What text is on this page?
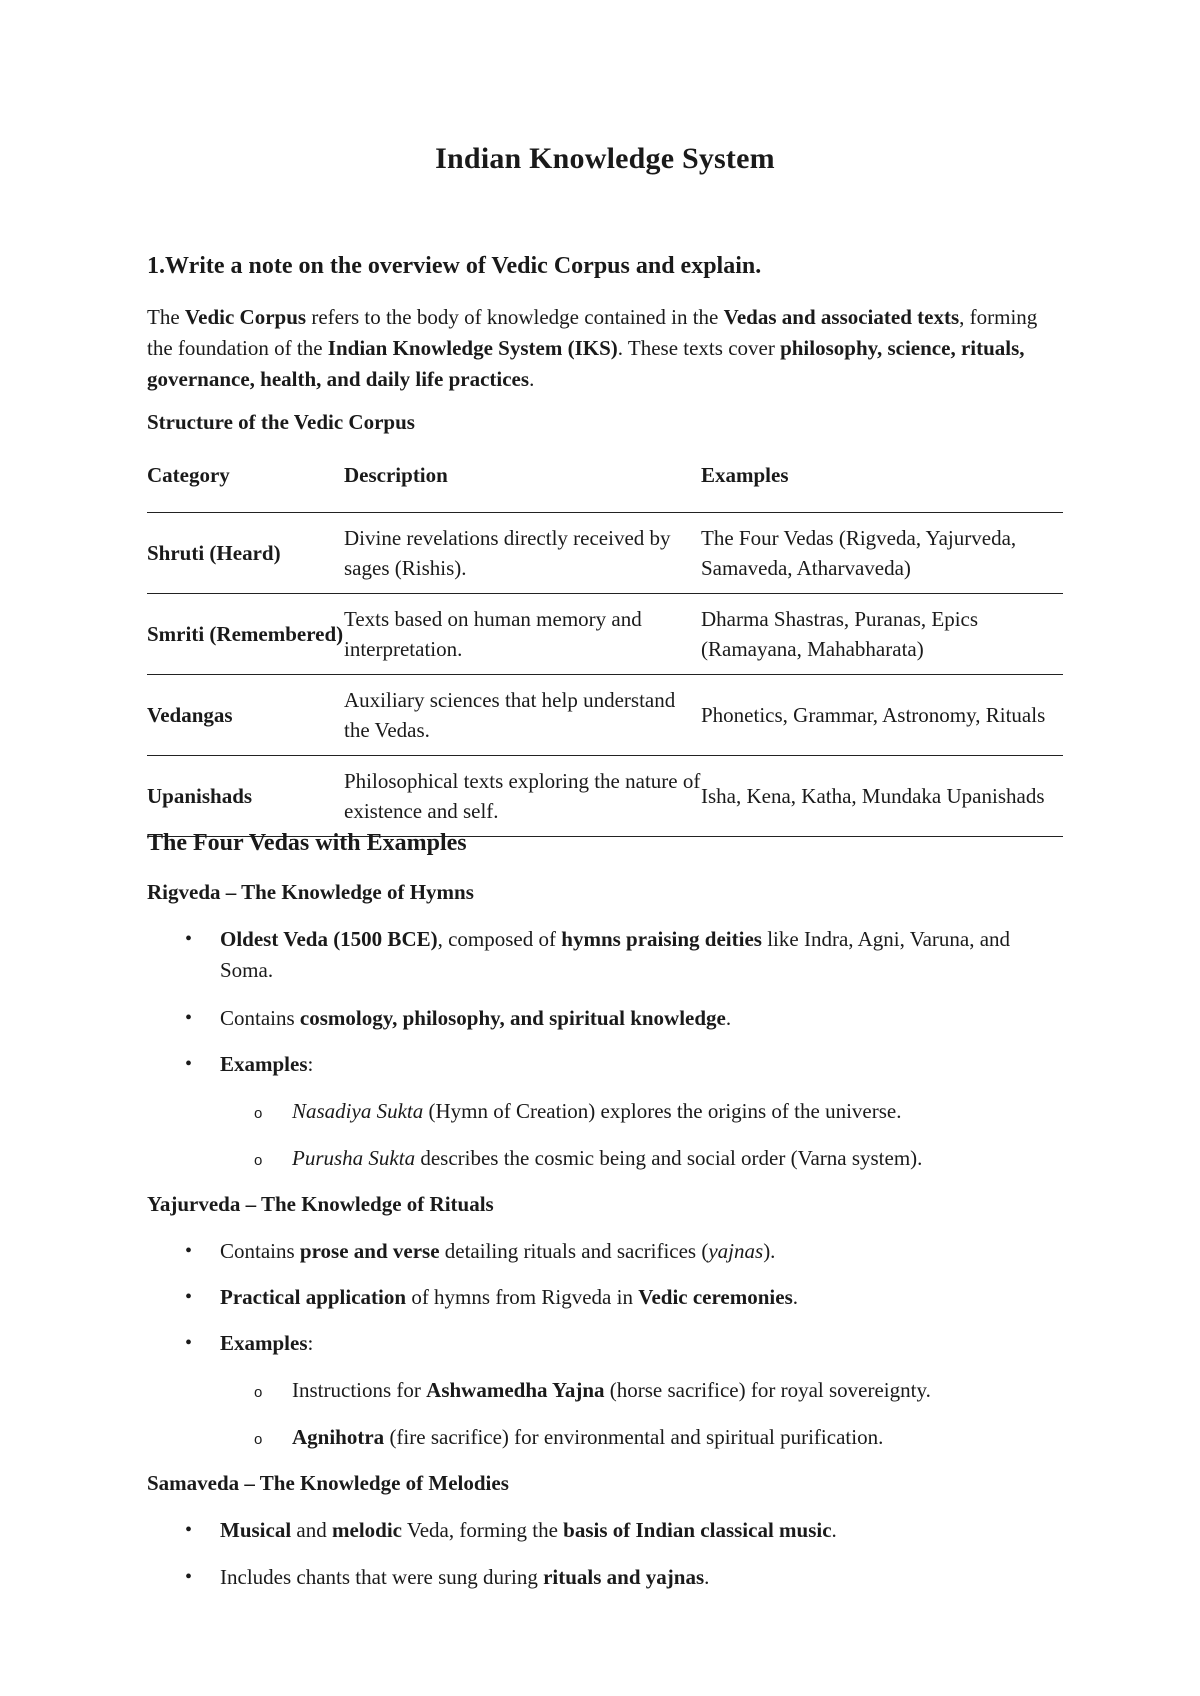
Indian Knowledge System
1.Write a note on the overview of Vedic Corpus and explain.
The Vedic Corpus refers to the body of knowledge contained in the Vedas and associated texts, forming the foundation of the Indian Knowledge System (IKS). These texts cover philosophy, science, rituals, governance, health, and daily life practices.
Structure of the Vedic Corpus
Category	Description	Examples
Shruti (Heard)	Divine revelations directly received by sages (Rishis).	The Four Vedas (Rigveda, Yajurveda, Samaveda, Atharvaveda)
Smriti (Remembered)	Texts based on human memory and interpretation.	Dharma Shastras, Puranas, Epics (Ramayana, Mahabharata)
Vedangas	Auxiliary sciences that help understand the Vedas.	Phonetics, Grammar, Astronomy, Rituals
Upanishads	Philosophical texts exploring the nature of existence and self.	Isha, Kena, Katha, Mundaka Upanishads
The Four Vedas with Examples
Rigveda – The Knowledge of Hymns
• Oldest Veda (1500 BCE), composed of hymns praising deities like Indra, Agni, Varuna, and Soma.
• Contains cosmology, philosophy, and spiritual knowledge.
• Examples:
o Nasadiya Sukta (Hymn of Creation) explores the origins of the universe.
o Purusha Sukta describes the cosmic being and social order (Varna system).
Yajurveda – The Knowledge of Rituals
• Contains prose and verse detailing rituals and sacrifices (yajnas).
• Practical application of hymns from Rigveda in Vedic ceremonies.
• Examples:
o Instructions for Ashwamedha Yajna (horse sacrifice) for royal sovereignty.
o Agnihotra (fire sacrifice) for environmental and spiritual purification.
Samaveda – The Knowledge of Melodies
• Musical and melodic Veda, forming the basis of Indian classical music.
• Includes chants that were sung during rituals and yajnas.
